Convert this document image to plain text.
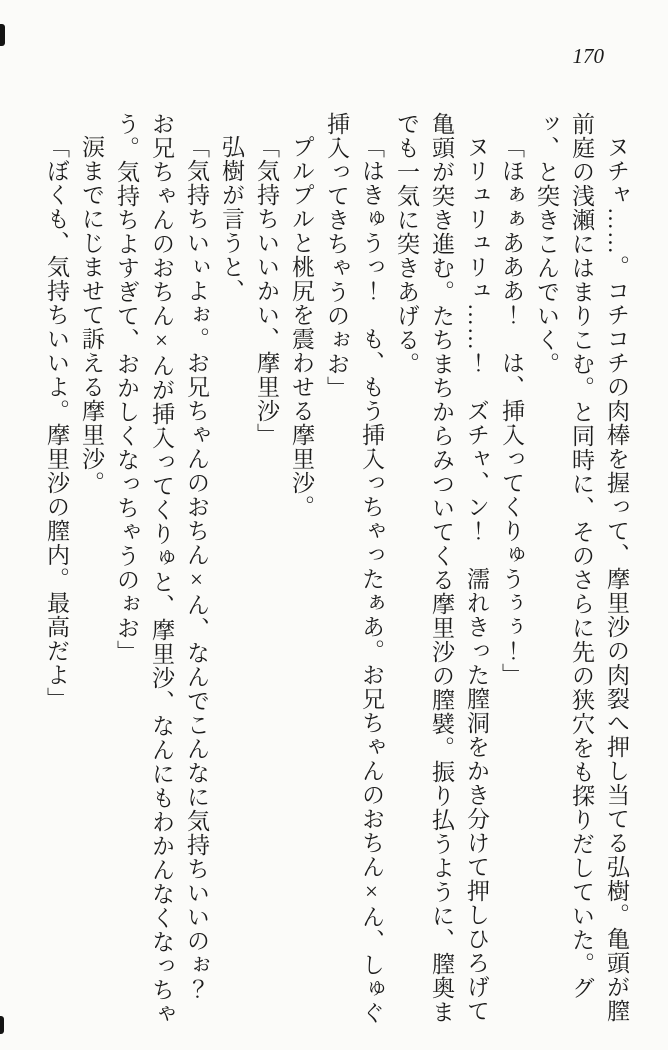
170

ヌチャ……。コチコチの肉棒を握って、摩里沙の肉裂へ押し当てる弘樹。亀頭が膣前庭の浅瀬にはまりこむ。と同時に、そのさらに先の狭穴をも探りだしていた。グッ、と突きこんでいく。

「ほぁぁあああ！　は、挿入ってくりゅうぅぅ！」

ヌリュリュリュ……！　ズチャ、ン！　濡れきった膣洞をかき分けて押しひろげて亀頭が突き進む。たちまちからみついてくる摩里沙の膣襞。振り払うように、膣奥までも一気に突きあげる。

「はきゅうっ！　も、もう挿入っちゃったぁあ。お兄ちゃんのおちん×ん、しゅぐ挿入ってきちゃうのぉお」

プルプルと桃尻を震わせる摩里沙。

「気持ちいいかい、摩里沙」

弘樹が言うと、

「気持ちいぃよぉ。お兄ちゃんのおちん×ん、なんでこんなに気持ちいいのぉ？　お兄ちゃんのおちん×んが挿入ってくりゅと、摩里沙、なんにもわかんなくなっちゃう。気持ちよすぎて、おかしくなっちゃうのぉお」

涙までにじませて訴える摩里沙。

「ぼくも、気持ちいいよ。摩里沙の膣内。最高だよ」
